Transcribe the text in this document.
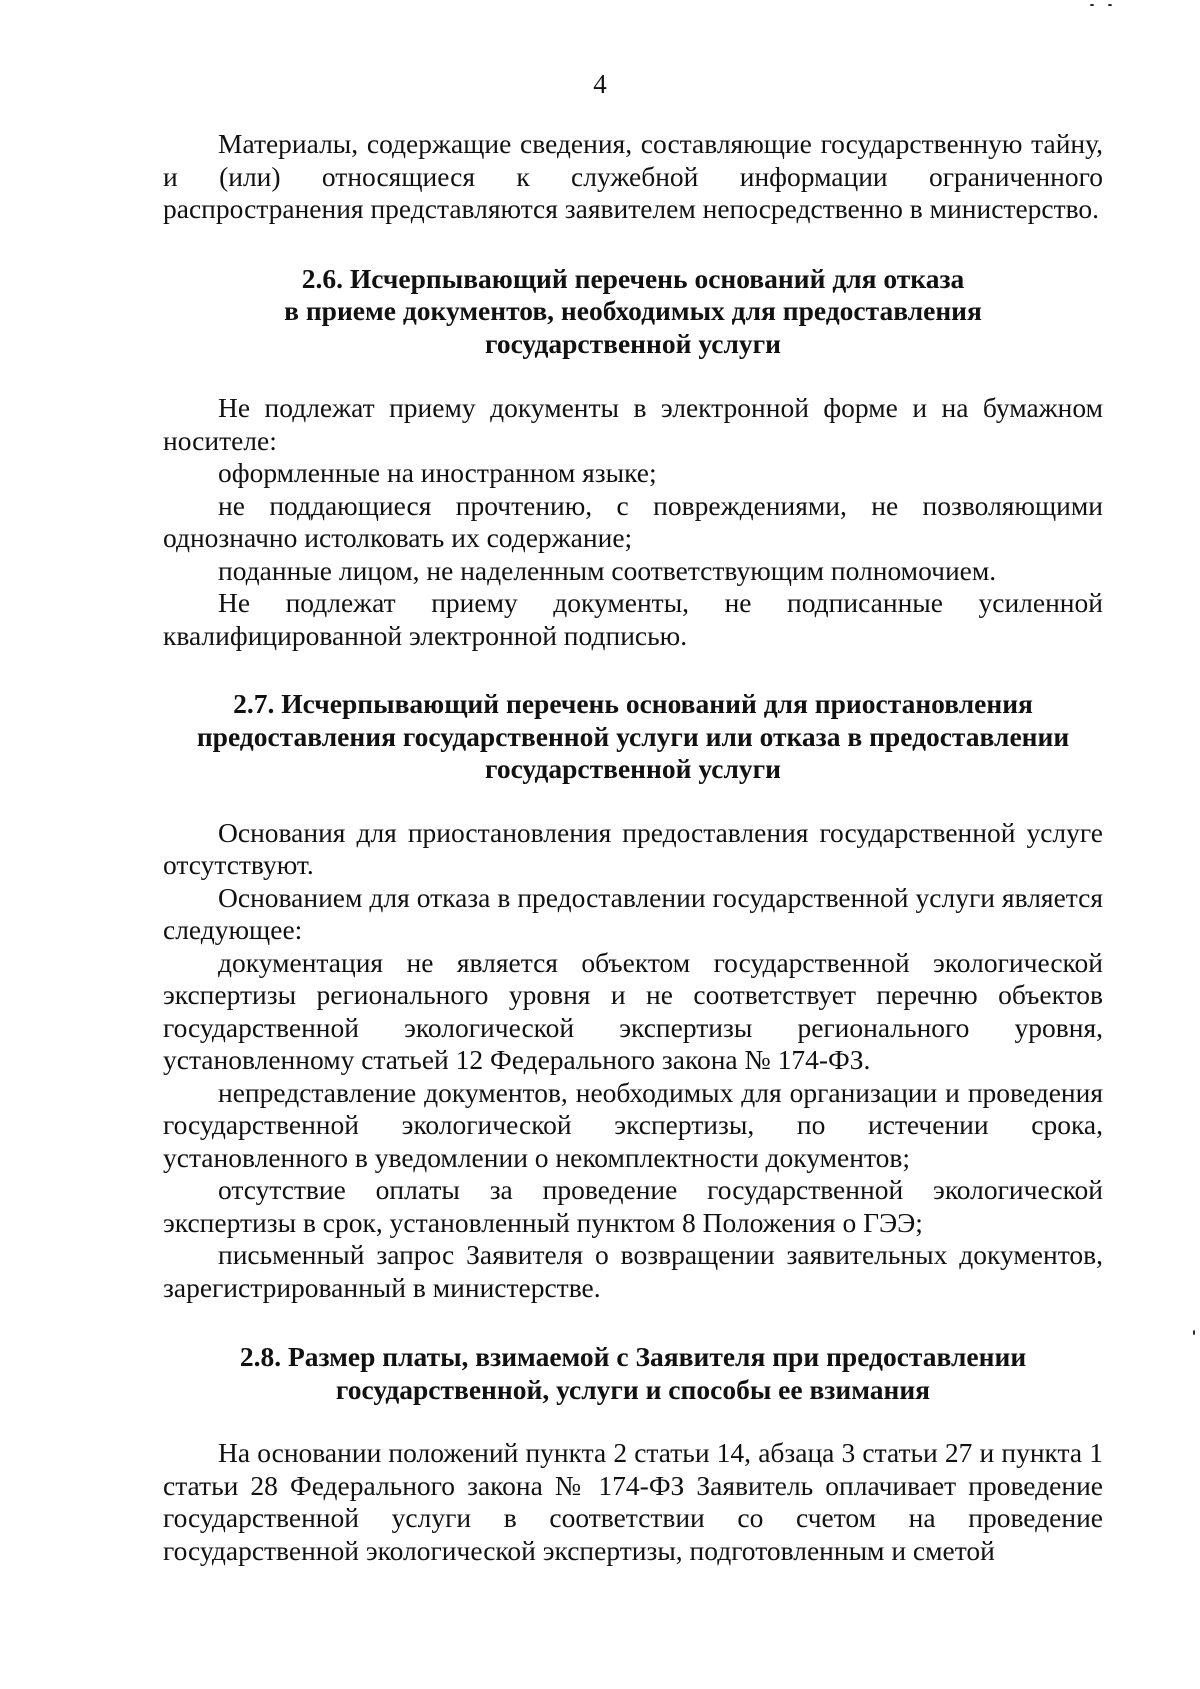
4

Материалы, содержащие сведения, составляющие государственную тайну, и (или) относящиеся к служебной информации ограниченного распространения представляются заявителем непосредственно в министерство.

2.6. Исчерпывающий перечень оснований для отказа

в приеме документов, необходимых для предоставления

государственной услуги

Не подлежат приему документы в электронной форме и на бумажном носителе:

оформленные на иностранном языке;

не поддающиеся прочтению, с повреждениями, не позволяющими однозначно истолковать их содержание;

поданные лицом, не наделенным соответствующим полномочием.

Не подлежат приему документы, не подписанные усиленной квалифицированной электронной подписью.

2.7. Исчерпывающий перечень оснований для приостановления

предоставления государственной услуги или отказа в предоставлении

государственной услуги

Основания для приостановления предоставления государственной услуге отсутствуют.

Основанием для отказа в предоставлении государственной услуги является следующее:

документация не является объектом государственной экологической экспертизы регионального уровня и не соответствует перечню объектов государственной экологической экспертизы регионального уровня, установленному статьей 12 Федерального закона № 174-ФЗ.

непредставление документов, необходимых для организации и проведения государственной экологической экспертизы, по истечении срока, установленного в уведомлении о некомплектности документов;

отсутствие оплаты за проведение государственной экологической экспертизы в срок, установленный пунктом 8 Положения о ГЭЭ;

письменный запрос Заявителя о возвращении заявительных документов, зарегистрированный в министерстве.

2.8. Размер платы, взимаемой с Заявителя при предоставлении

государственной, услуги и способы ее взимания

На основании положений пункта 2 статьи 14, абзаца 3 статьи 27 и пункта 1 статьи 28 Федерального закона № 174-ФЗ Заявитель оплачивает проведение государственной услуги в соответствии со счетом на проведение государственной экологической экспертизы, подготовленным и сметой
